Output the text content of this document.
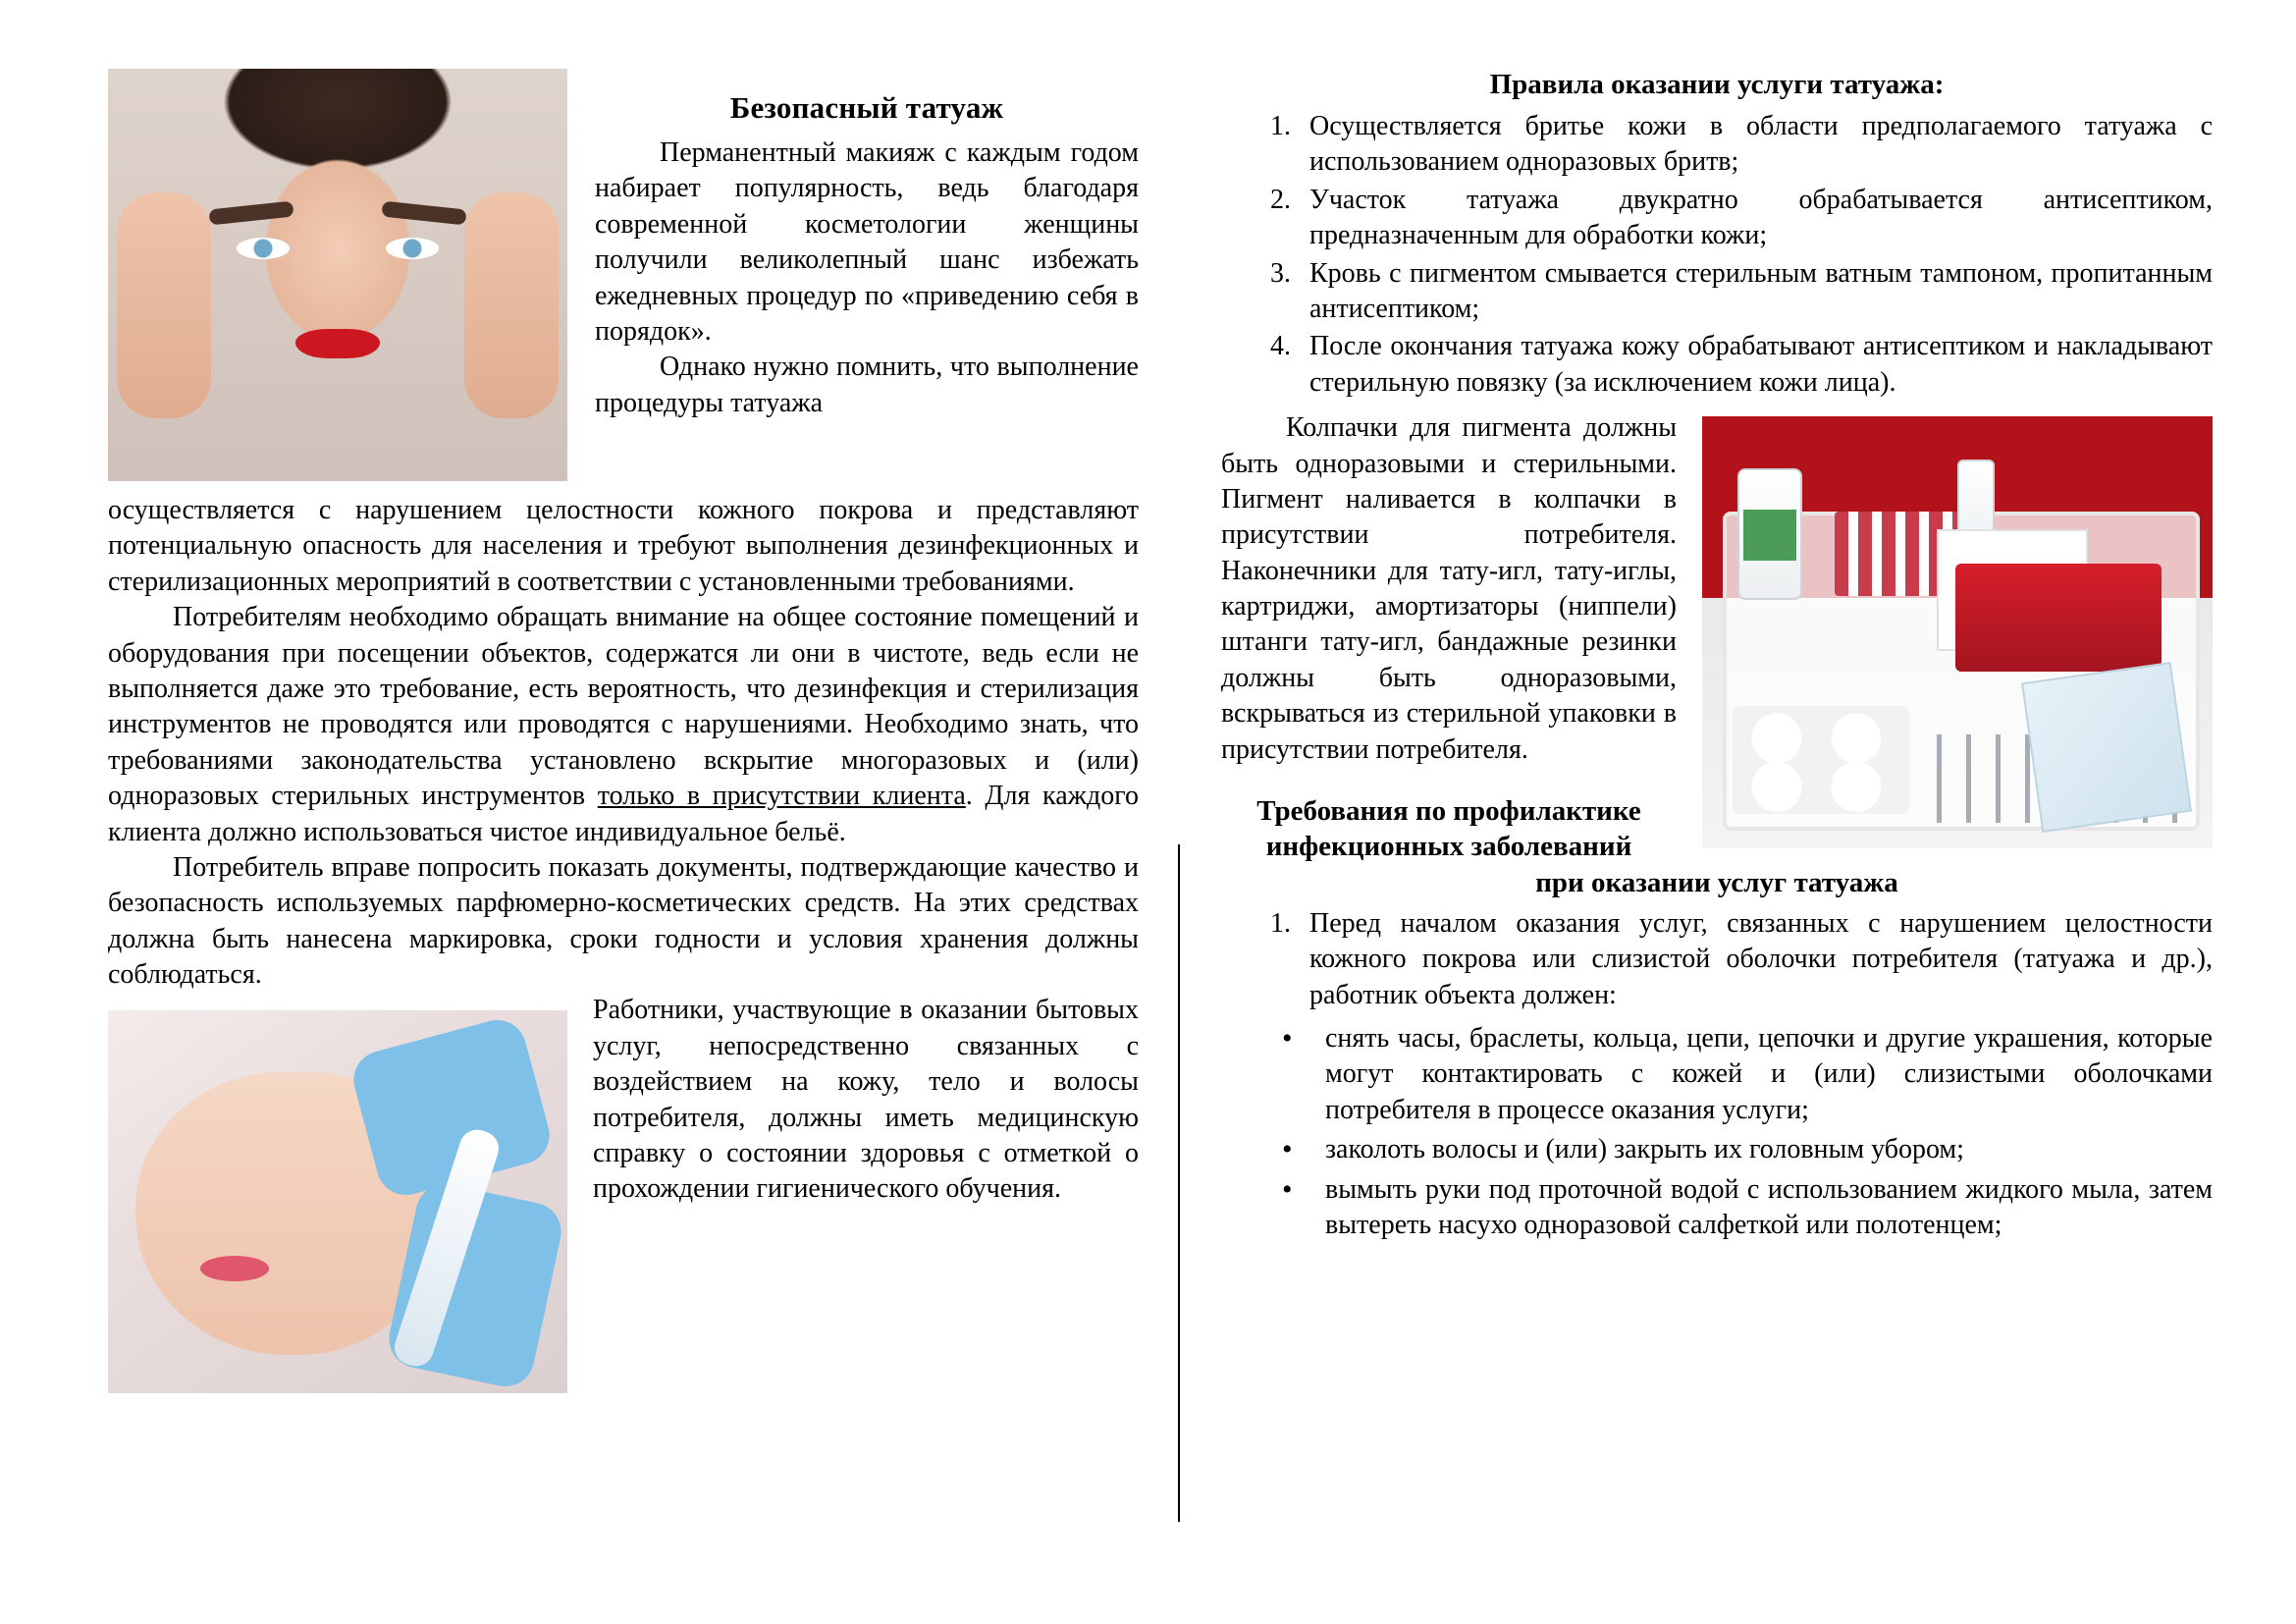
Безопасный татуаж

Перманентный макияж с каждым годом набирает популярность, ведь благодаря современной косметологии женщины получили великолепный шанс избежать ежедневных процедур по «приведению себя в порядок».

Однако нужно помнить, что выполнение процедуры татуажа

осуществляется с нарушением целостности кожного покрова и представляют потенциальную опасность для населения и требуют выполнения дезинфекционных и стерилизационных мероприятий в соответствии с установленными требованиями.

Потребителям необходимо обращать внимание на общее состояние помещений и оборудования при посещении объектов, содержатся ли они в чистоте, ведь если не выполняется даже это требование, есть вероятность, что дезинфекция и стерилизация инструментов не проводятся или проводятся с нарушениями. Необходимо знать, что требованиями законодательства установлено вскрытие многоразовых и (или) одноразовых стерильных инструментов только в присутствии клиента. Для каждого клиента должно использоваться чистое индивидуальное бельё.

Потребитель вправе попросить показать документы, подтверждающие качество и безопасность используемых парфюмерно-косметических средств. На этих средствах должна быть нанесена маркировка, сроки годности и условия хранения должны соблюдаться.

Работники, участвующие в оказании бытовых услуг, непосредственно связанных с воздействием на кожу, тело и волосы потребителя, должны иметь медицинскую справку о состоянии здоровья с отметкой о прохождении гигиенического обучения.

Правила оказании услуги татуажа:
1. Осуществляется бритье кожи в области предполагаемого татуажа с использованием одноразовых бритв;
2. Участок татуажа двукратно обрабатывается антисептиком, предназначенным для обработки кожи;
3. Кровь с пигментом смывается стерильным ватным тампоном, пропитанным антисептиком;
4. После окончания татуажа кожу обрабатывают антисептиком и накладывают стерильную повязку (за исключением кожи лица).

Колпачки для пигмента должны быть одноразовыми и стерильными. Пигмент наливается в колпачки в присутствии потребителя. Наконечники для тату-игл, тату-иглы, картриджи, амортизаторы (ниппели) штанги тату-игл, бандажные резинки должны быть одноразовыми, вскрываться из стерильной упаковки в присутствии потребителя.

Требования по профилактике
инфекционных заболеваний
при оказании услуг татуажа
1. Перед началом оказания услуг, связанных с нарушением целостности кожного покрова или слизистой оболочки потребителя (татуажа и др.), работник объекта должен:
• снять часы, браслеты, кольца, цепи, цепочки и другие украшения, которые могут контактировать с кожей и (или) слизистыми оболочками потребителя в процессе оказания услуги;
• заколоть волосы и (или) закрыть их головным убором;
• вымыть руки под проточной водой с использованием жидкого мыла, затем вытереть насухо одноразовой салфеткой или полотенцем;
